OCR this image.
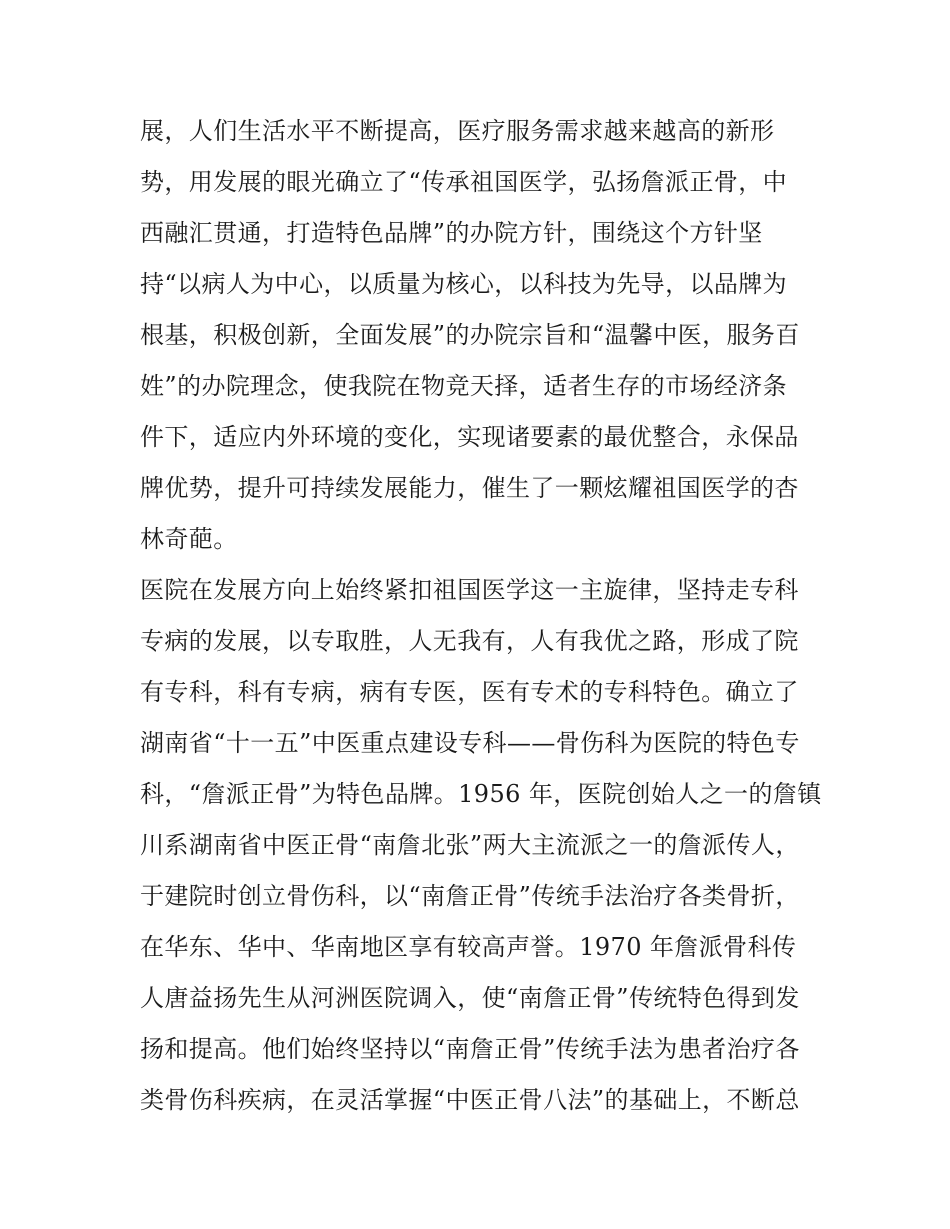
展，人们生活水平不断提高，医疗服务需求越来越高的新形
势，用发展的眼光确立了“传承祖国医学，弘扬詹派正骨，中
西融汇贯通，打造特色品牌”的办院方针，围绕这个方针坚
持“以病人为中心，以质量为核心，以科技为先导，以品牌为
根基，积极创新，全面发展”的办院宗旨和“温馨中医，服务百
姓”的办院理念，使我院在物竞天择，适者生存的市场经济条
件下，适应内外环境的变化，实现诸要素的最优整合，永保品
牌优势，提升可持续发展能力，催生了一颗炫耀祖国医学的杏
林奇葩。
医院在发展方向上始终紧扣祖国医学这一主旋律，坚持走专科
专病的发展，以专取胜，人无我有，人有我优之路，形成了院
有专科，科有专病，病有专医，医有专术的专科特色。确立了
湖南省“十一五”中医重点建设专科——骨伤科为医院的特色专
科，“詹派正骨”为特色品牌。1956 年，医院创始人之一的詹镇
川系湖南省中医正骨“南詹北张”两大主流派之一的詹派传人，
于建院时创立骨伤科，以“南詹正骨”传统手法治疗各类骨折，
在华东、华中、华南地区享有较高声誉。1970 年詹派骨科传
人唐益扬先生从河洲医院调入，使“南詹正骨”传统特色得到发
扬和提高。他们始终坚持以“南詹正骨”传统手法为患者治疗各
类骨伤科疾病，在灵活掌握“中医正骨八法”的基础上，不断总
